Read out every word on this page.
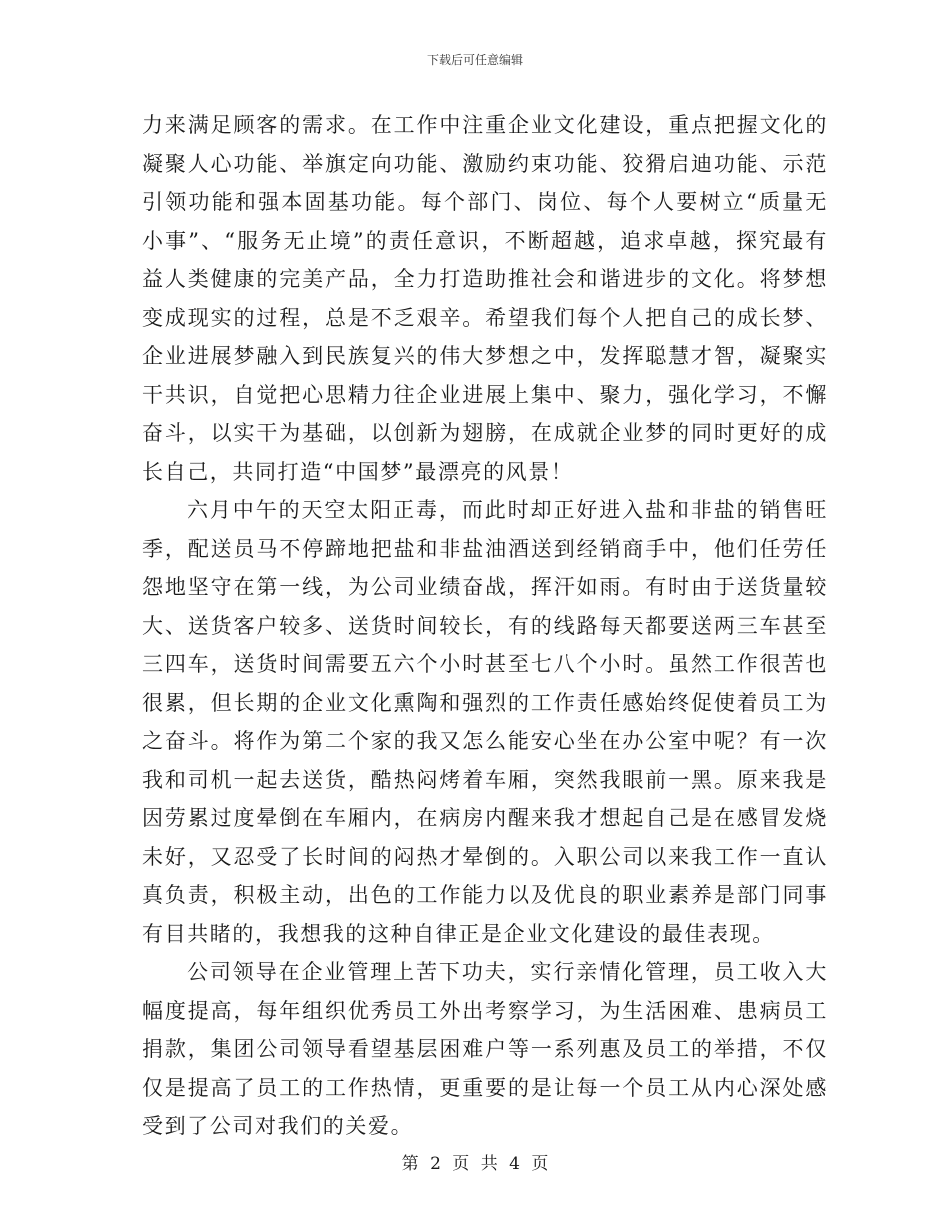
下载后可任意编辑

力来满足顾客的需求。在工作中注重企业文化建设，重点把握文化的凝聚人心功能、举旗定向功能、激励约束功能、狡猾启迪功能、示范引领功能和强本固基功能。每个部门、岗位、每个人要树立“质量无小事”、“服务无止境”的责任意识，不断超越，追求卓越，探究最有益人类健康的完美产品，全力打造助推社会和谐进步的文化。将梦想变成现实的过程，总是不乏艰辛。希望我们每个人把自己的成长梦、企业进展梦融入到民族复兴的伟大梦想之中，发挥聪慧才智，凝聚实干共识，自觉把心思精力往企业进展上集中、聚力，强化学习，不懈奋斗，以实干为基础，以创新为翅膀，在成就企业梦的同时更好的成长自己，共同打造“中国梦”最漂亮的风景！

六月中午的天空太阳正毒，而此时却正好进入盐和非盐的销售旺季，配送员马不停蹄地把盐和非盐油酒送到经销商手中，他们任劳任怨地坚守在第一线，为公司业绩奋战，挥汗如雨。有时由于送货量较大、送货客户较多、送货时间较长，有的线路每天都要送两三车甚至三四车，送货时间需要五六个小时甚至七八个小时。虽然工作很苦也很累，但长期的企业文化熏陶和强烈的工作责任感始终促使着员工为之奋斗。将作为第二个家的我又怎么能安心坐在办公室中呢？有一次我和司机一起去送货，酷热闷烤着车厢，突然我眼前一黑。原来我是因劳累过度晕倒在车厢内，在病房内醒来我才想起自己是在感冒发烧未好，又忍受了长时间的闷热才晕倒的。入职公司以来我工作一直认真负责，积极主动，出色的工作能力以及优良的职业素养是部门同事有目共睹的，我想我的这种自律正是企业文化建设的最佳表现。

公司领导在企业管理上苦下功夫，实行亲情化管理，员工收入大幅度提高，每年组织优秀员工外出考察学习，为生活困难、患病员工捐款，集团公司领导看望基层困难户等一系列惠及员工的举措，不仅仅是提高了员工的工作热情，更重要的是让每一个员工从内心深处感受到了公司对我们的关爱。

第 2 页 共 4 页
